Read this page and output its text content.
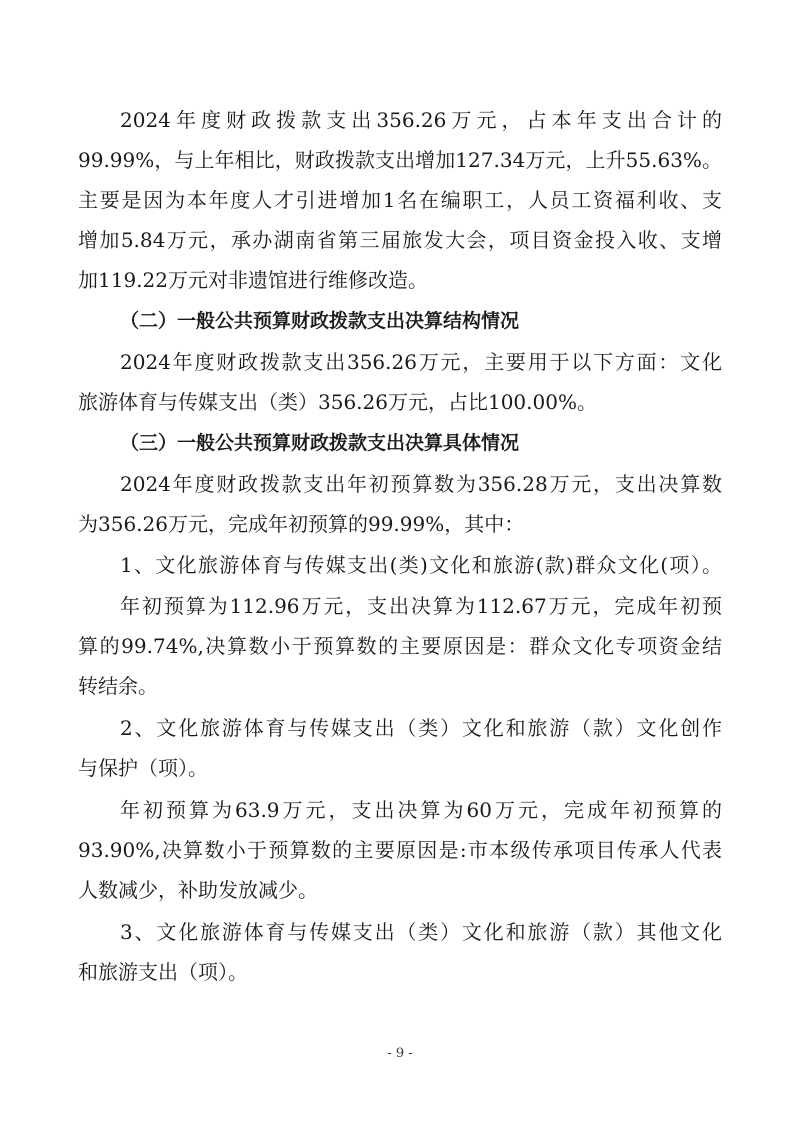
2024年度财政拨款支出356.26万元，占本年支出合计的
99.99%，与上年相比，财政拨款支出增加127.34万元，上升55.63%。
主要是因为本年度人才引进增加1名在编职工，人员工资福利收、支
增加5.84万元，承办湖南省第三届旅发大会，项目资金投入收、支增
加119.22万元对非遗馆进行维修改造。
（二）一般公共预算财政拨款支出决算结构情况
2024年度财政拨款支出356.26万元，主要用于以下方面：文化
旅游体育与传媒支出（类）356.26万元，占比100.00%。
（三）一般公共预算财政拨款支出决算具体情况
2024年度财政拨款支出年初预算数为356.28万元，支出决算数
为356.26万元，完成年初预算的99.99%，其中：
1、文化旅游体育与传媒支出(类)文化和旅游(款)群众文化(项）。
年初预算为112.96万元，支出决算为112.67万元，完成年初预
算的99.74%,决算数小于预算数的主要原因是：群众文化专项资金结
转结余。
2、文化旅游体育与传媒支出（类）文化和旅游（款）文化创作
与保护（项）。
年初预算为63.9万元，支出决算为60万元，完成年初预算的
93.90%,决算数小于预算数的主要原因是:市本级传承项目传承人代表
人数减少，补助发放减少。
3、文化旅游体育与传媒支出（类）文化和旅游（款）其他文化
和旅游支出（项）。
- 9 -
